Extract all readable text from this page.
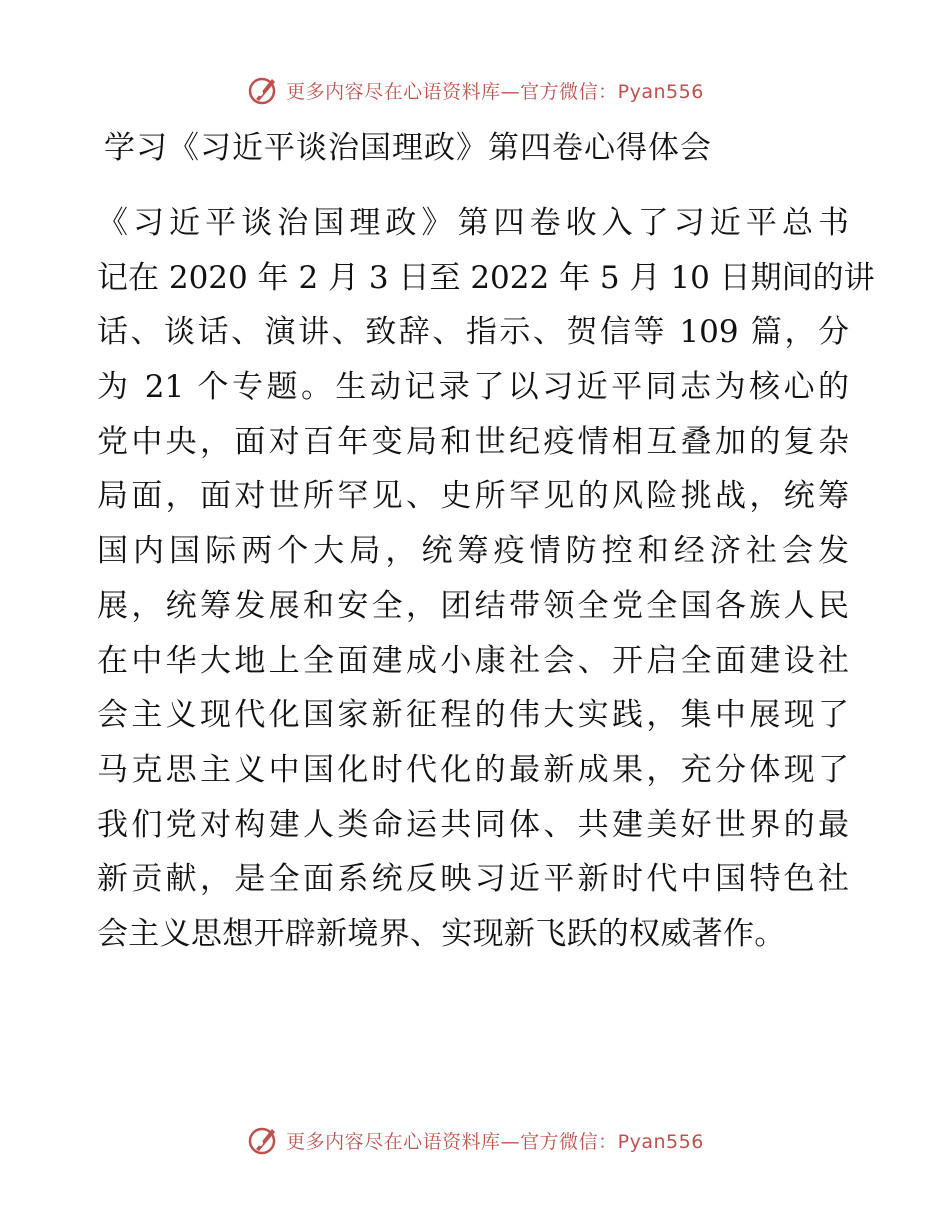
更多内容尽在心语资料库—官方微信：Pyan556
学习《习近平谈治国理政》第四卷心得体会
《习近平谈治国理政》第四卷收入了习近平总书
记在 2020 年 2 月 3 日至 2022 年 5 月 10 日期间的讲
话、谈话、演讲、致辞、指示、贺信等 109 篇，分
为 21 个专题。生动记录了以习近平同志为核心的
党中央，面对百年变局和世纪疫情相互叠加的复杂
局面，面对世所罕见、史所罕见的风险挑战，统筹
国内国际两个大局，统筹疫情防控和经济社会发
展，统筹发展和安全，团结带领全党全国各族人民
在中华大地上全面建成小康社会、开启全面建设社
会主义现代化国家新征程的伟大实践，集中展现了
马克思主义中国化时代化的最新成果，充分体现了
我们党对构建人类命运共同体、共建美好世界的最
新贡献，是全面系统反映习近平新时代中国特色社
会主义思想开辟新境界、实现新飞跃的权威著作。
更多内容尽在心语资料库—官方微信：Pyan556
